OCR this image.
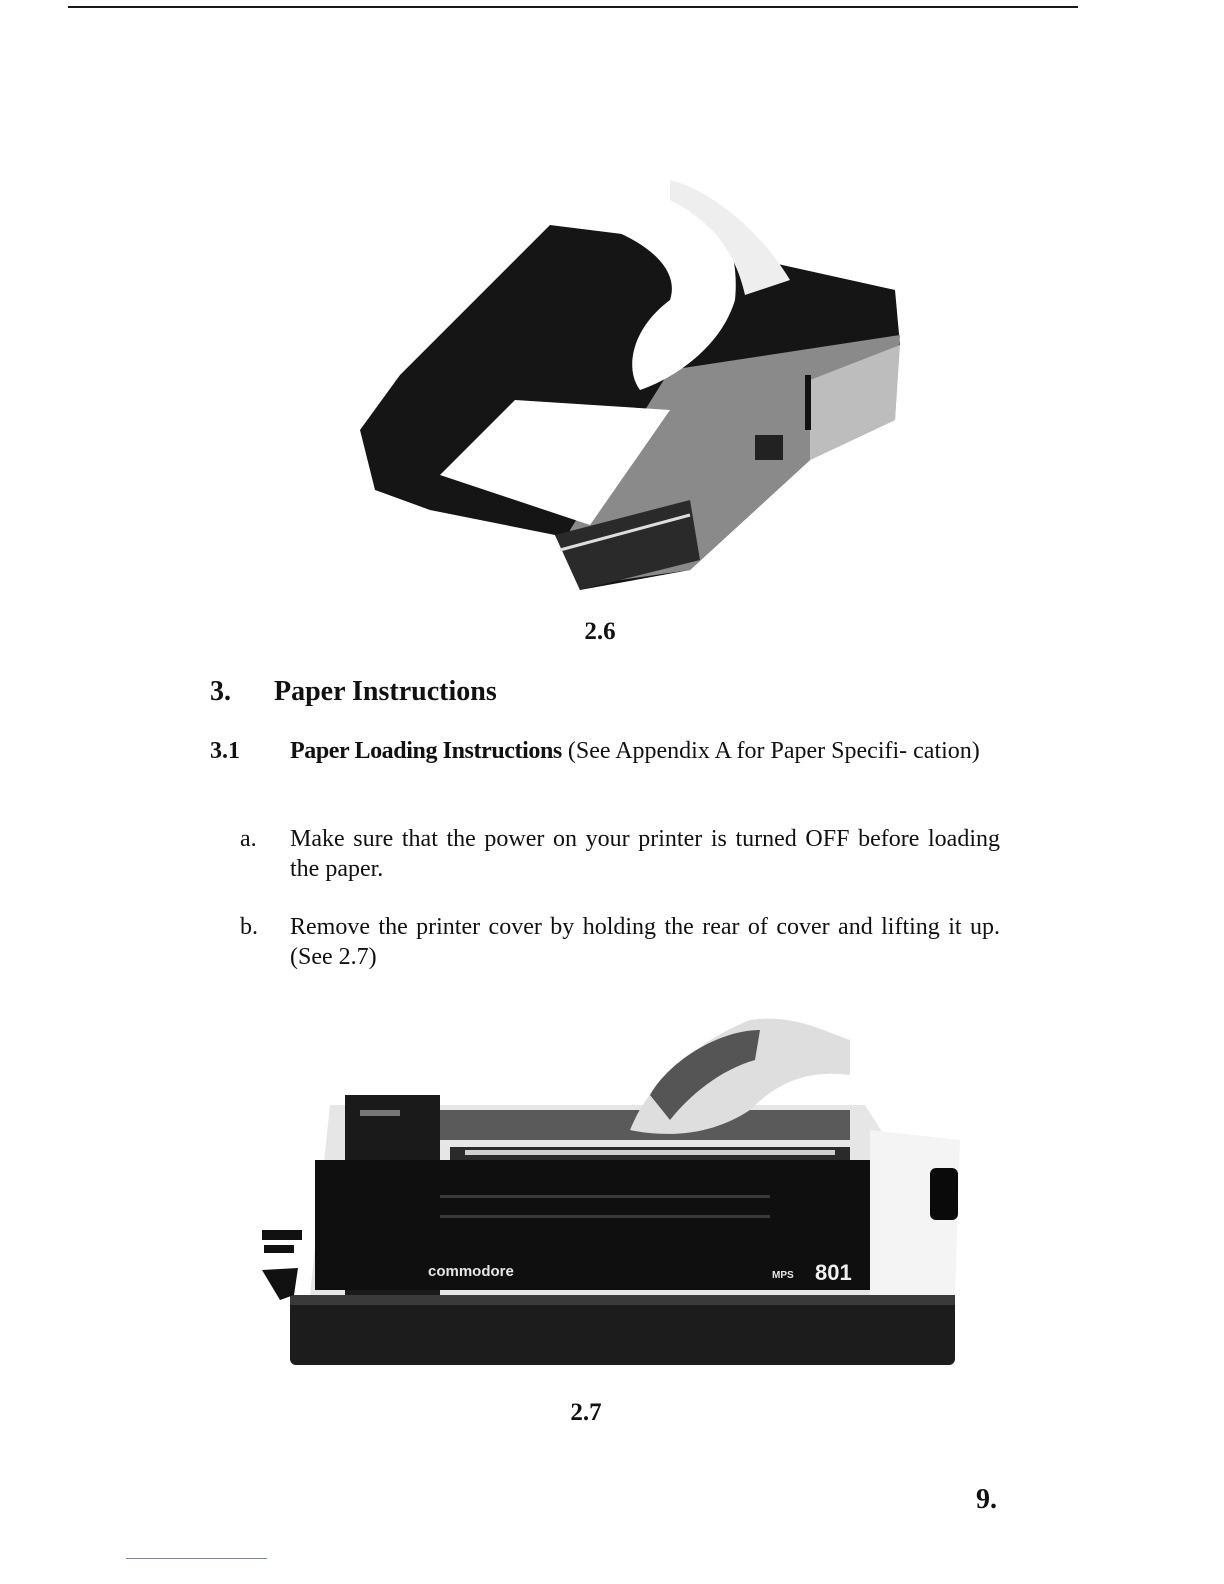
2.6
3. Paper Instructions
3.1 Paper Loading Instructions (See Appendix A for Paper Specifi- cation)
a. Make sure that the power on your printer is turned OFF before loading the paper.
b. Remove the printer cover by holding the rear of cover and lifting it up. (See 2.7)
commodore	MPS 801
2.7
9.
